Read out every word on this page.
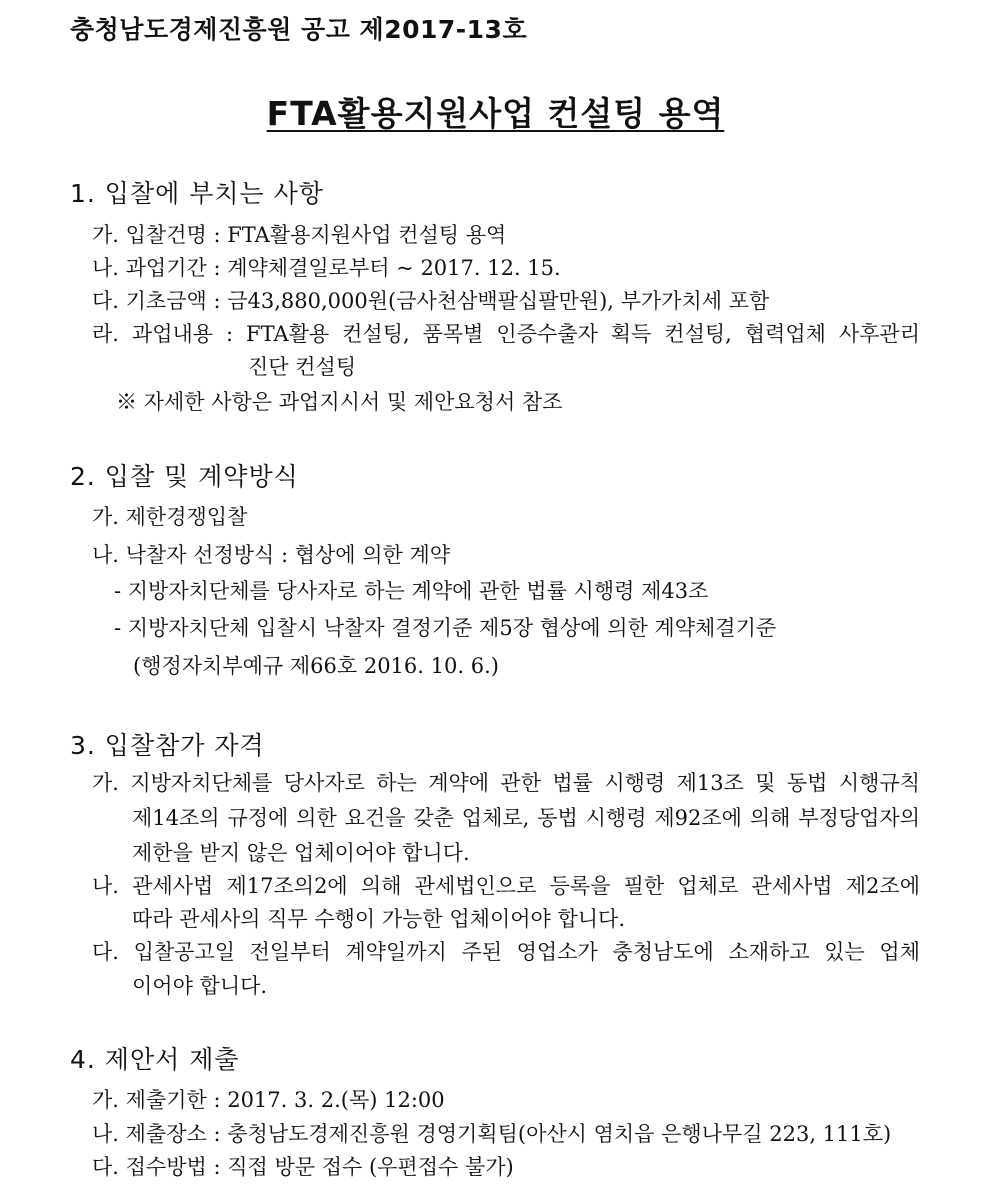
충청남도경제진흥원 공고 제2017-13호
FTA활용지원사업 컨설팅 용역
1. 입찰에 부치는 사항
가. 입찰건명 : FTA활용지원사업 컨설팅 용역
나. 과업기간 : 계약체결일로부터 ~ 2017. 12. 15.
다. 기초금액 : 금43,880,000원(금사천삼백팔십팔만원), 부가가치세 포함
라. 과업내용 : FTA활용 컨설팅, 품목별 인증수출자 획득 컨설팅, 협력업체 사후관리
진단 컨설팅
※ 자세한 사항은 과업지시서 및 제안요청서 참조
2. 입찰 및 계약방식
가. 제한경쟁입찰
나. 낙찰자 선정방식 : 협상에 의한 계약
- 지방자치단체를 당사자로 하는 계약에 관한 법률 시행령 제43조
- 지방자치단체 입찰시 낙찰자 결정기준 제5장 협상에 의한 계약체결기준
(행정자치부예규 제66호 2016. 10. 6.)
3. 입찰참가 자격
가. 지방자치단체를 당사자로 하는 계약에 관한 법률 시행령 제13조 및 동법 시행규칙
제14조의 규정에 의한 요건을 갖춘 업체로, 동법 시행령 제92조에 의해 부정당업자의
제한을 받지 않은 업체이어야 합니다.
나. 관세사법 제17조의2에 의해 관세법인으로 등록을 필한 업체로 관세사법 제2조에
따라 관세사의 직무 수행이 가능한 업체이어야 합니다.
다. 입찰공고일 전일부터 계약일까지 주된 영업소가 충청남도에 소재하고 있는 업체
이어야 합니다.
4. 제안서 제출
가. 제출기한 : 2017. 3. 2.(목) 12:00
나. 제출장소 : 충청남도경제진흥원 경영기획팀(아산시 염치읍 은행나무길 223, 111호)
다. 접수방법 : 직접 방문 접수 (우편접수 불가)
